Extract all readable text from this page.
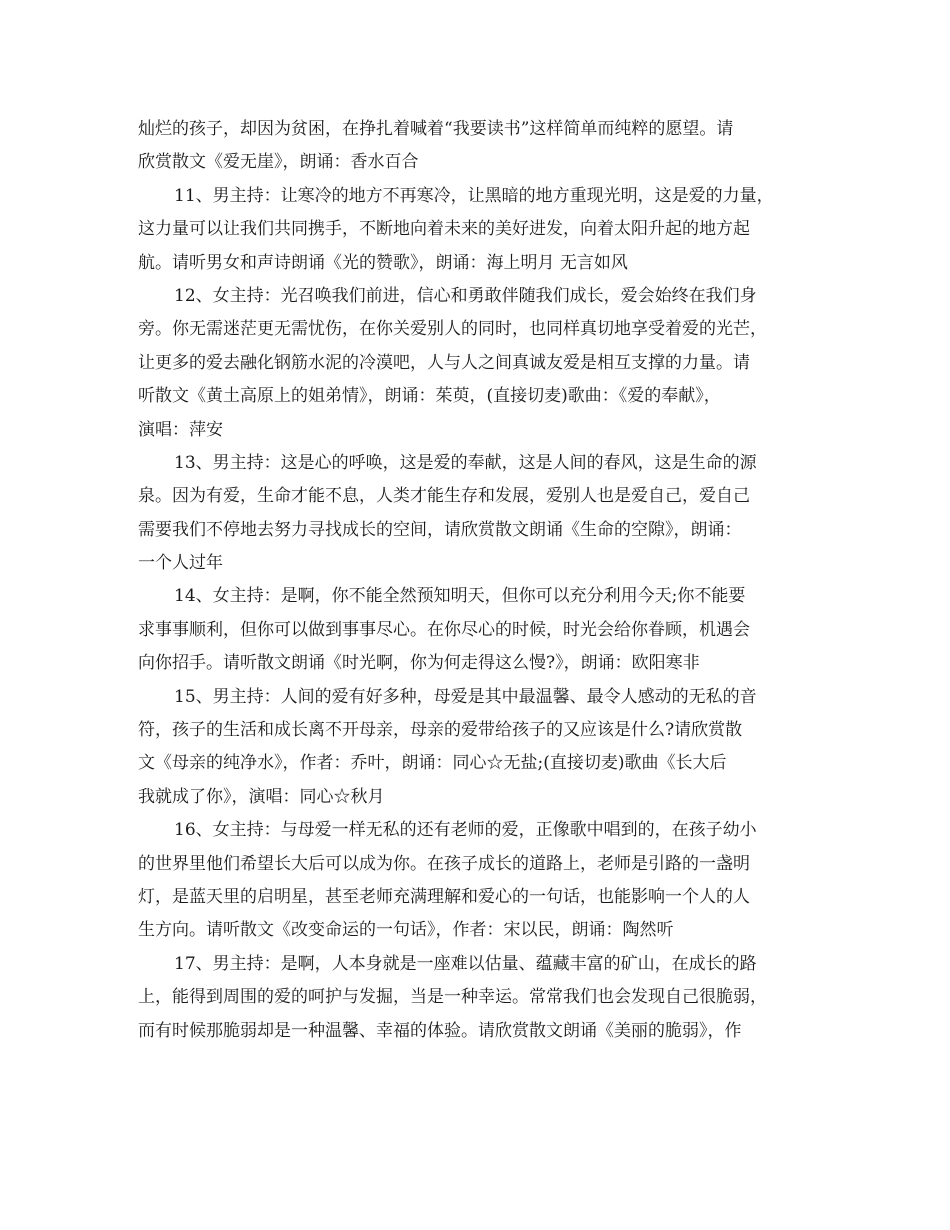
灿烂的孩子，却因为贫困，在挣扎着喊着“我要读书”这样简单而纯粹的愿望。请
欣赏散文《爱无崖》，朗诵：香水百合
11、男主持：让寒冷的地方不再寒冷，让黑暗的地方重现光明，这是爱的力量，
这力量可以让我们共同携手，不断地向着未来的美好进发，向着太阳升起的地方起
航。请听男女和声诗朗诵《光的赞歌》，朗诵：海上明月 无言如风
12、女主持：光召唤我们前进，信心和勇敢伴随我们成长，爱会始终在我们身
旁。你无需迷茫更无需忧伤，在你关爱别人的同时，也同样真切地享受着爱的光芒，
让更多的爱去融化钢筋水泥的冷漠吧，人与人之间真诚友爱是相互支撑的力量。请
听散文《黄土高原上的姐弟情》，朗诵：茱萸，(直接切麦)歌曲：《爱的奉献》，
演唱：萍安
13、男主持：这是心的呼唤，这是爱的奉献，这是人间的春风，这是生命的源
泉。因为有爱，生命才能不息，人类才能生存和发展，爱别人也是爱自己，爱自己
需要我们不停地去努力寻找成长的空间，请欣赏散文朗诵《生命的空隙》，朗诵：
一个人过年
14、女主持：是啊，你不能全然预知明天，但你可以充分利用今天;你不能要
求事事顺利，但你可以做到事事尽心。在你尽心的时候，时光会给你眷顾，机遇会
向你招手。请听散文朗诵《时光啊，你为何走得这么慢?》，朗诵：欧阳寒非
15、男主持：人间的爱有好多种，母爱是其中最温馨、最令人感动的无私的音
符，孩子的生活和成长离不开母亲，母亲的爱带给孩子的又应该是什么?请欣赏散
文《母亲的纯净水》，作者：乔叶，朗诵：同心☆无盐;(直接切麦)歌曲《长大后
我就成了你》，演唱：同心☆秋月
16、女主持：与母爱一样无私的还有老师的爱，正像歌中唱到的，在孩子幼小
的世界里他们希望长大后可以成为你。在孩子成长的道路上，老师是引路的一盏明
灯，是蓝天里的启明星，甚至老师充满理解和爱心的一句话，也能影响一个人的人
生方向。请听散文《改变命运的一句话》，作者：宋以民，朗诵：陶然听
17、男主持：是啊，人本身就是一座难以估量、蕴藏丰富的矿山，在成长的路
上，能得到周围的爱的呵护与发掘，当是一种幸运。常常我们也会发现自己很脆弱，
而有时候那脆弱却是一种温馨、幸福的体验。请欣赏散文朗诵《美丽的脆弱》，作
